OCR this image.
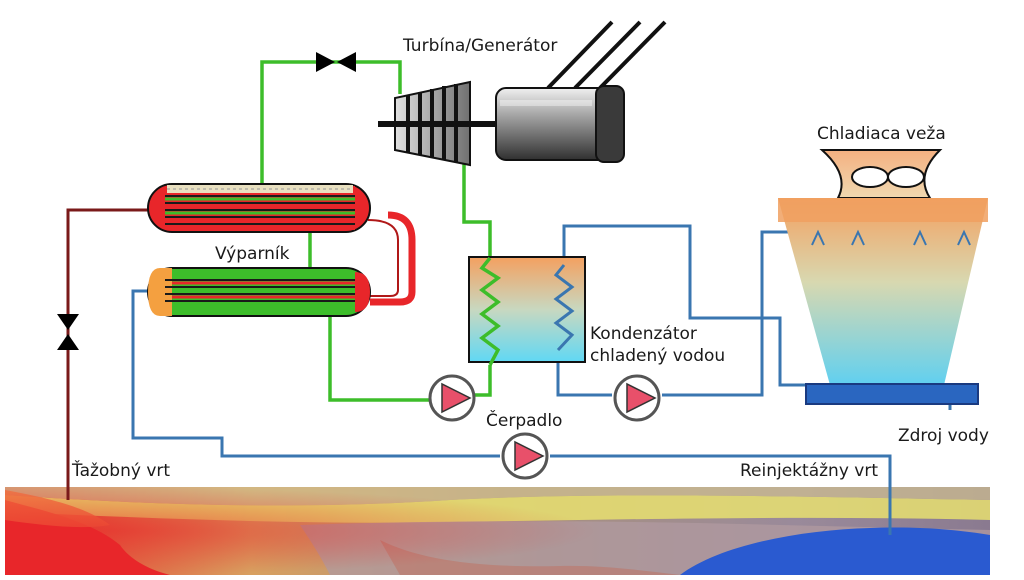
Turbína/Generátor
Výparník
Chladiaca veža
Kondenzátor
chladený vodou
Čerpadlo
Zdroj vody
Ťažobný vrt	Reinjektážny vrt
